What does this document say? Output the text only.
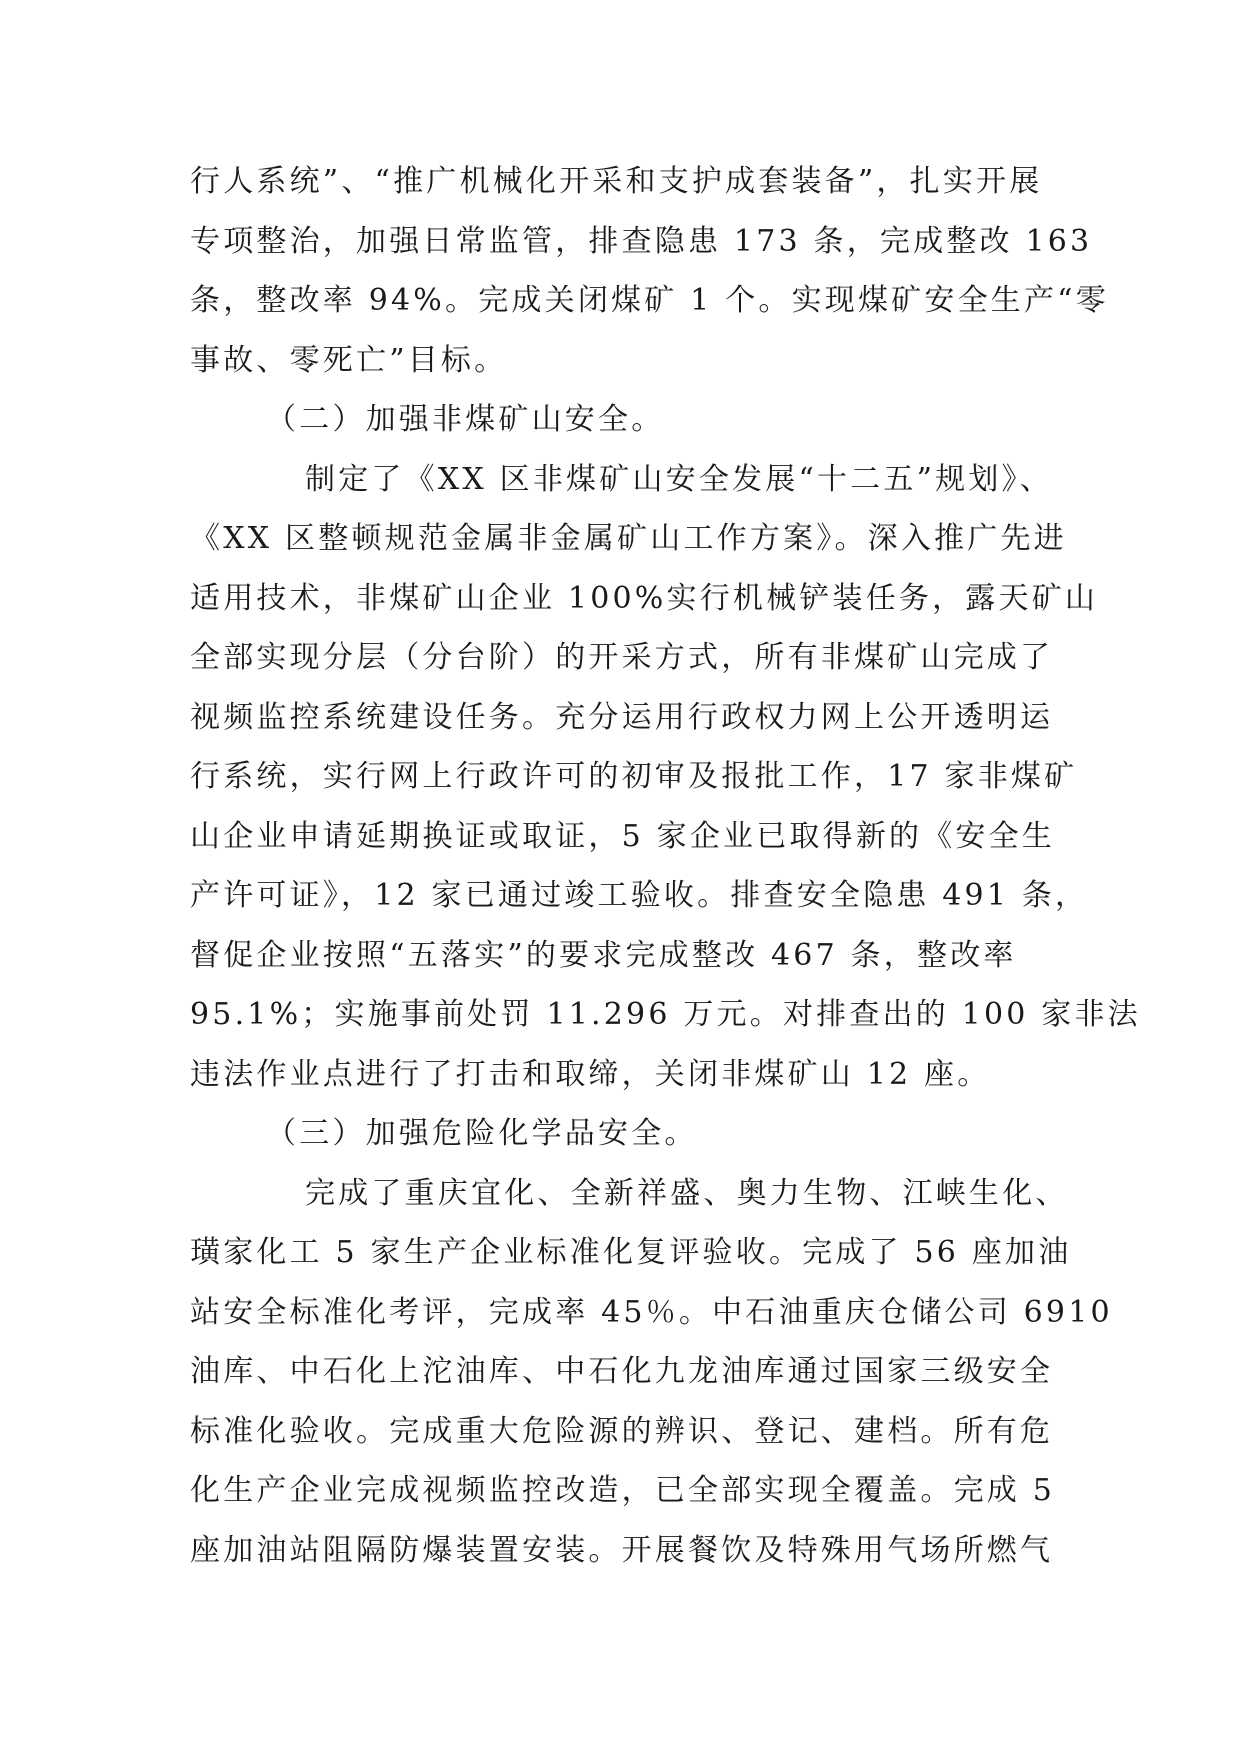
行人系统”、“推广机械化开采和支护成套装备”，扎实开展
专项整治，加强日常监管，排查隐患 173 条，完成整改 163
条，整改率 94%。完成关闭煤矿 1 个。实现煤矿安全生产“零
事故、零死亡”目标。
（二）加强非煤矿山安全。
制定了《XX 区非煤矿山安全发展“十二五”规划》、
《XX 区整顿规范金属非金属矿山工作方案》。深入推广先进
适用技术，非煤矿山企业 100%实行机械铲装任务，露天矿山
全部实现分层（分台阶）的开采方式，所有非煤矿山完成了
视频监控系统建设任务。充分运用行政权力网上公开透明运
行系统，实行网上行政许可的初审及报批工作，17 家非煤矿
山企业申请延期换证或取证，5 家企业已取得新的《安全生
产许可证》，12 家已通过竣工验收。排查安全隐患 491 条，
督促企业按照“五落实”的要求完成整改 467 条，整改率
95.1%；实施事前处罚 11.296 万元。对排查出的 100 家非法
违法作业点进行了打击和取缔，关闭非煤矿山 12 座。
（三）加强危险化学品安全。
完成了重庆宜化、全新祥盛、奥力生物、江峡生化、
璜家化工 5 家生产企业标准化复评验收。完成了 56 座加油
站安全标准化考评，完成率 45％。中石油重庆仓储公司 6910
油库、中石化上沱油库、中石化九龙油库通过国家三级安全
标准化验收。完成重大危险源的辨识、登记、建档。所有危
化生产企业完成视频监控改造，已全部实现全覆盖。完成 5
座加油站阻隔防爆装置安装。开展餐饮及特殊用气场所燃气
